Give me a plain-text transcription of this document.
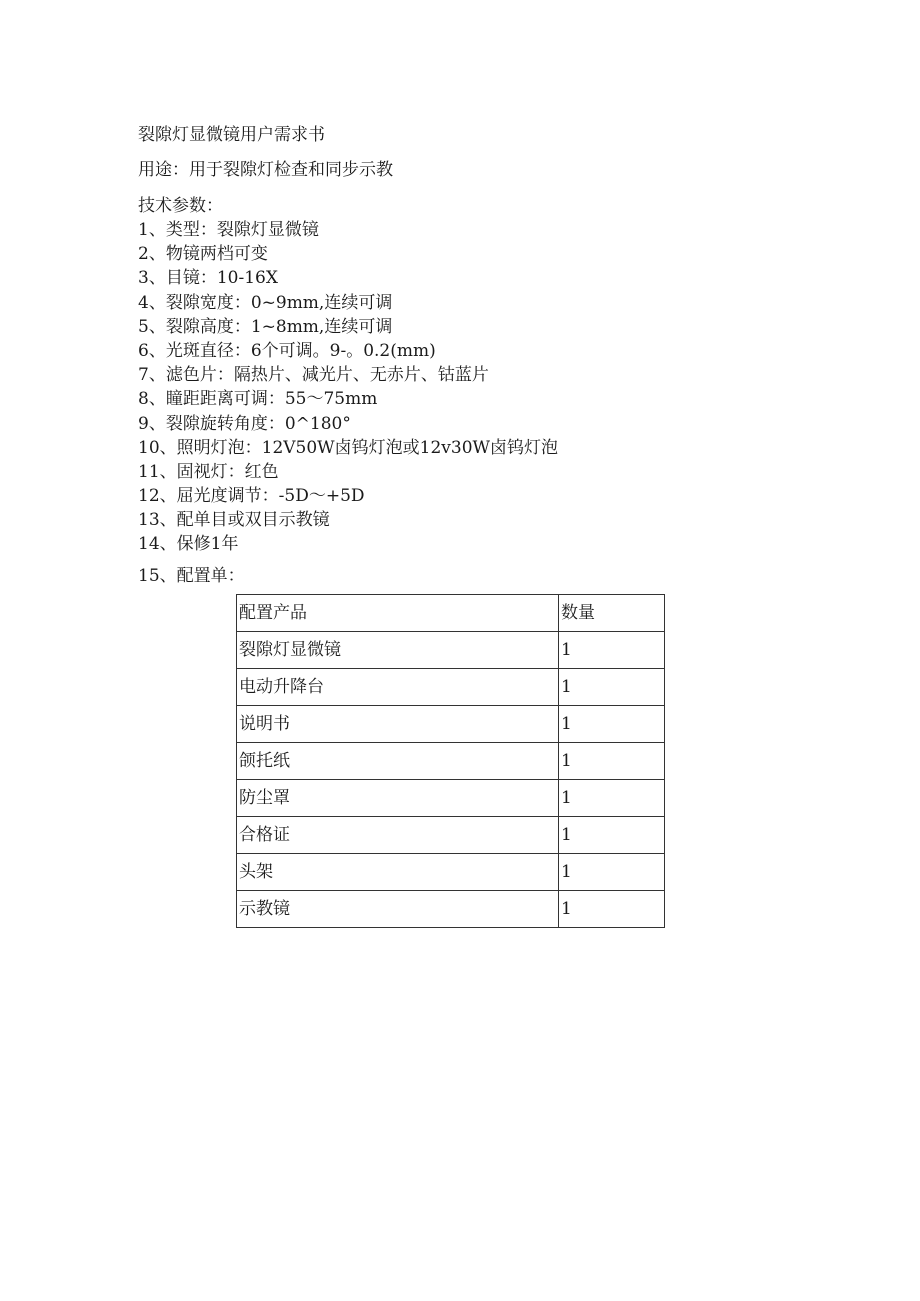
裂隙灯显微镜用户需求书
用途：用于裂隙灯检查和同步示教
技术参数：
1、类型：裂隙灯显微镜
2、物镜两档可变
3、目镜：10-16X
4、裂隙宽度：0~9mm,连续可调
5、裂隙高度：1~8mm,连续可调
6、光斑直径：6个可调。9-。0.2(mm)
7、滤色片：隔热片、减光片、无赤片、钴蓝片
8、瞳距距离可调：55～75mm
9、裂隙旋转角度：0^180°
10、照明灯泡：12V50W卤钨灯泡或12v30W卤钨灯泡
11、固视灯：红色
12、屈光度调节：-5D～+5D
13、配单目或双目示教镜
14、保修1年
15、配置单：
配置产品	数量
裂隙灯显微镜	1
电动升降台	1
说明书	1
颌托纸	1
防尘罩	1
合格证	1
头架	1
示教镜	1
